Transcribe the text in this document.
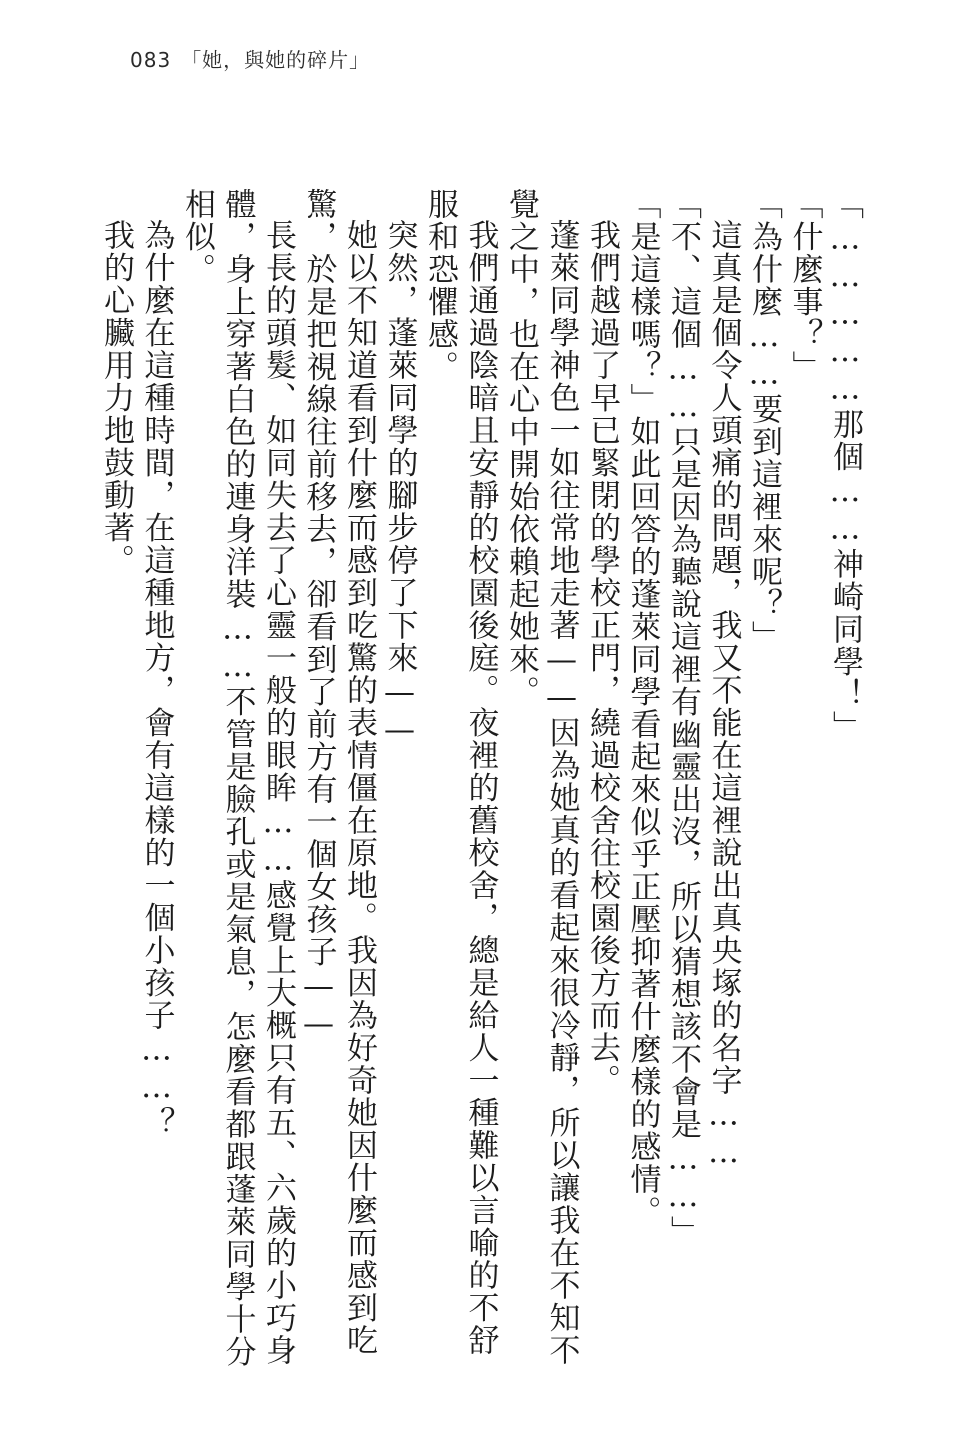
083 「她，與她的碎片」

「……………那個……神崎同學！」

「什麼事？」

「為什麼……要到這裡來呢？」

這真是個令人頭痛的問題，我又不能在這裡說出真央塚的名字……

「不、這個……只是因為聽說這裡有幽靈出沒，所以猜想該不會是……」

「是這樣嗎？」如此回答的蓬萊同學看起來似乎正壓抑著什麼樣的感情。

我們越過了早已緊閉的學校正門，繞過校舍往校園後方而去。

蓬萊同學神色一如往常地走著——因為她真的看起來很冷靜，所以讓我在不知不覺之中，也在心中開始依賴起她來。

我們通過陰暗且安靜的校園後庭。夜裡的舊校舍，總是給人一種難以言喻的不舒服和恐懼感。

突然，蓬萊同學的腳步停了下來——

她以不知道看到什麼而感到吃驚的表情僵在原地。我因為好奇她因什麼而感到吃驚，於是把視線往前移去，卻看到了前方有一個女孩子——

長長的頭髮、如同失去了心靈一般的眼眸……感覺上大概只有五、六歲的小巧身體，身上穿著白色的連身洋裝……不管是臉孔或是氣息，怎麼看都跟蓬萊同學十分相似。

為什麼在這種時間，在這種地方，會有這樣的一個小孩子……？

我的心臟用力地鼓動著。
